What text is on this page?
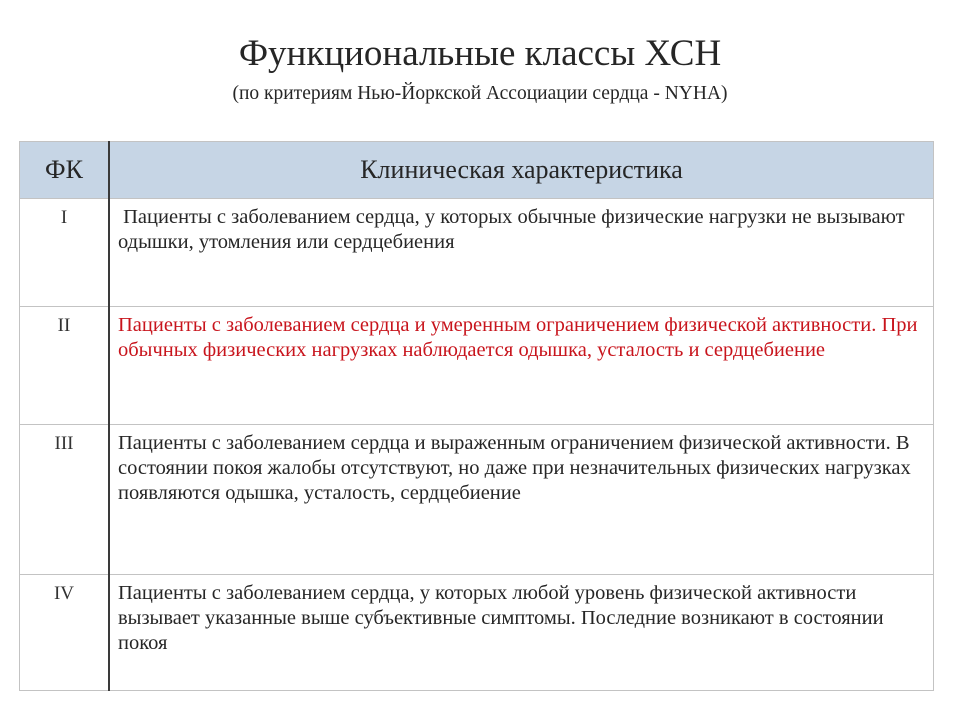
Функциональные классы ХСН
(по критериям Нью-Йоркской Ассоциации сердца - NYHA)
ФК	Клиническая характеристика
I	Пациенты с заболеванием сердца, у которых обычные физические нагрузки не вызывают одышки, утомления или сердцебиения
II	Пациенты с заболеванием сердца и умеренным ограничением физической активности. При обычных физических нагрузках наблюдается одышка, усталость и сердцебиение
III	Пациенты с заболеванием сердца и выраженным ограничением физической активности. В состоянии покоя жалобы отсутствуют, но даже при незначительных физических нагрузках появляются одышка, усталость, сердцебиение
IV	Пациенты с заболеванием сердца, у которых любой уровень физической активности вызывает указанные выше субъективные симптомы. Последние возникают в состоянии покоя
